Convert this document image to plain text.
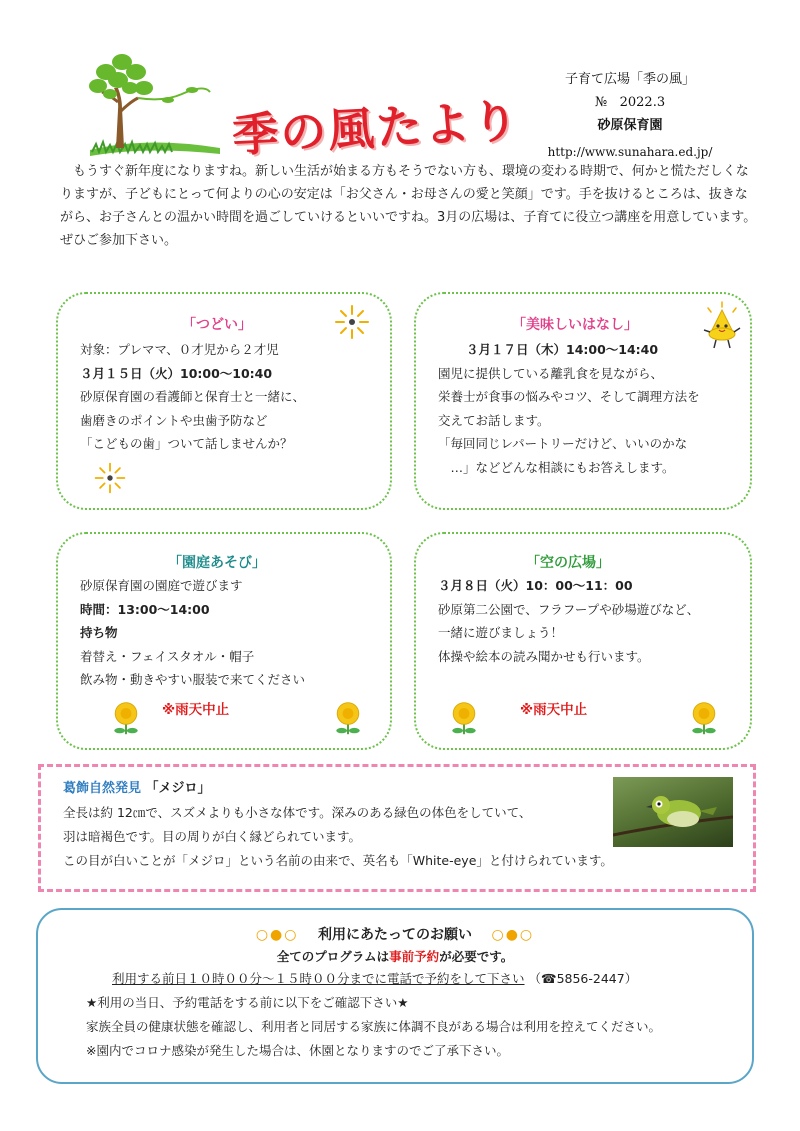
季の風たより
子育て広場「季の風」
№ 2022.3
砂原保育園
http://www.sunahara.ed.jp/
もうすぐ新年度になりますね。新しい生活が始まる方もそうでない方も、環境の変わる時期で、何かと慌ただしくなりますが、子どもにとって何よりの心の安定は「お父さん・お母さんの愛と笑顔」です。手を抜けるところは、抜きながら、お子さんとの温かい時間を過ごしていけるといいですね。3月の広場は、子育てに役立つ講座を用意しています。ぜひご参加下さい。
「つどい」
対象：プレママ、０才児から２才児
３月１５日（火）10:00～10:40
砂原保育園の看護師と保育士と一緒に、
歯磨きのポイントや虫歯予防など
「こどもの歯」ついて話しませんか？
「美味しいはなし」
３月１７日（木）14:00～14:40
園児に提供している離乳食を見ながら、
栄養士が食事の悩みやコツ、そして調理方法を
交えてお話します。
「毎回同じレパートリーだけど、いいのかな
　…」などどんな相談にもお答えします。
「園庭あそび」
砂原保育園の園庭で遊びます
時間：13:00～14:00
持ち物
着替え・フェイスタオル・帽子
飲み物・動きやすい服装で来てください
※雨天中止
「空の広場」
３月８日（火）10：00～11：00
砂原第二公園で、フラフープや砂場遊びなど、
一緒に遊びましょう！
体操や絵本の読み聞かせも行います。
※雨天中止
葛飾自然発見 「メジロ」
全長は約 12㎝で、スズメよりも小さな体です。深みのある緑色の体色をしていて、
羽は暗褐色です。目の周りが白く縁どられています。
この目が白いことが「メジロ」という名前の由来で、英名も「White-eye」と付けられています。
○●○ 利用にあたってのお願い ○●○
全てのプログラムは事前予約が必要です。
利用する前日１０時００分～１５時００分までに電話で予約をして下さい （☎5856-2447）
★利用の当日、予約電話をする前に以下をご確認下さい★
家族全員の健康状態を確認し、利用者と同居する家族に体調不良がある場合は利用を控えてください。
※園内でコロナ感染が発生した場合は、休園となりますのでご了承下さい。
